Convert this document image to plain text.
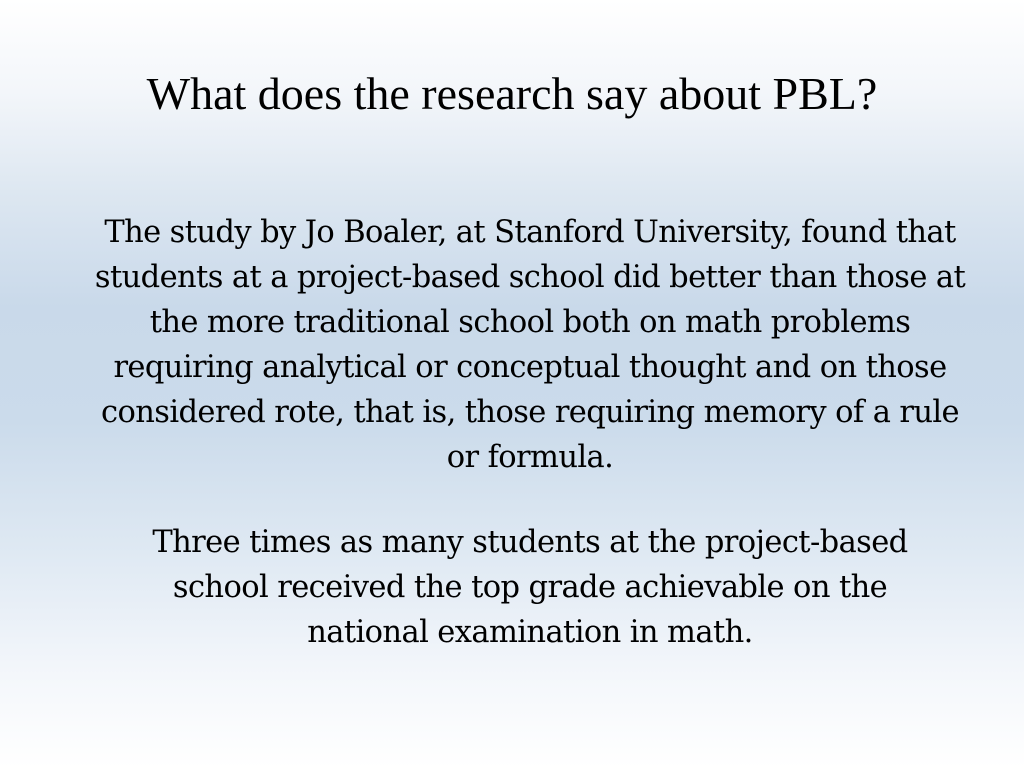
What does the research say about PBL?

The study by Jo Boaler, at Stanford University, found that students at a project-based school did better than those at the more traditional school both on math problems requiring analytical or conceptual thought and on those considered rote, that is, those requiring memory of a rule or formula.

Three times as many students at the project-based school received the top grade achievable on the national examination in math.
